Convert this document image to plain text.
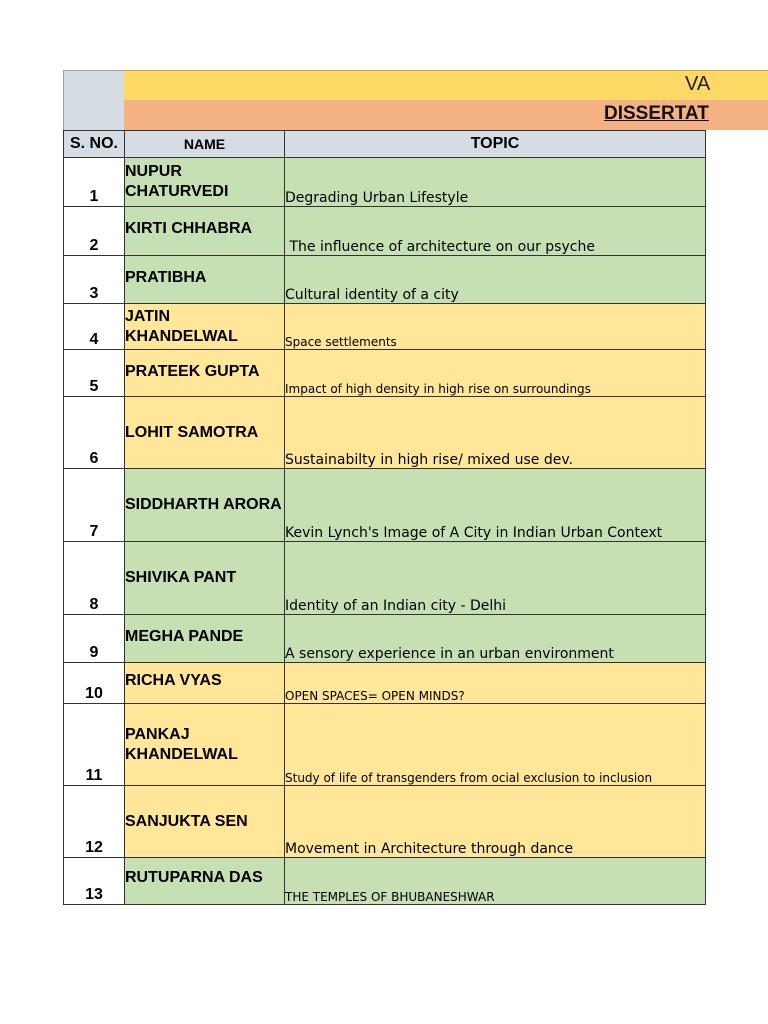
VA
DISSERTAT
S. NO.	NAME	TOPIC
1	NUPUR CHATURVEDI	Degrading Urban Lifestyle
2	KIRTI CHHABRA	The influence of architecture on our psyche
3	PRATIBHA	Cultural identity of a city
4	JATIN KHANDELWAL	Space settlements
5	PRATEEK GUPTA	Impact of high density in high rise on surroundings
6	LOHIT SAMOTRA	Sustainabilty in high rise/ mixed use dev.
7	SIDDHARTH ARORA	Kevin Lynch's Image of A City in Indian Urban Context
8	SHIVIKA PANT	Identity of an Indian city - Delhi
9	MEGHA PANDE	A sensory experience in an urban environment
10	RICHA VYAS	OPEN SPACES= OPEN MINDS?
11	PANKAJ KHANDELWAL	Study of life of transgenders from ocial exclusion to inclusion
12	SANJUKTA SEN	Movement in Architecture through dance
13	RUTUPARNA DAS	THE TEMPLES OF BHUBANESHWAR
